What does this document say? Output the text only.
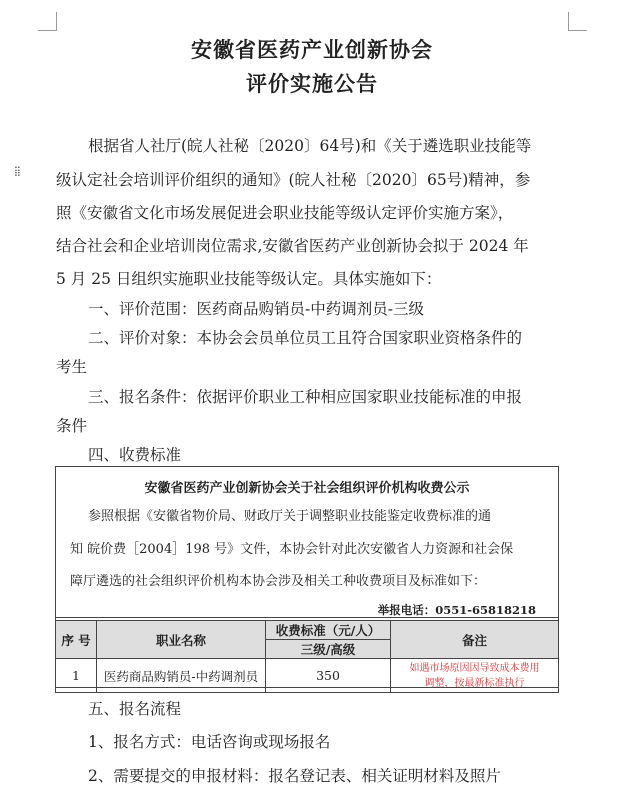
⁞⁞
安徽省医药产业创新协会
评价实施公告
根据省人社厅(皖人社秘〔2020〕64号)和《关于遴选职业技能等
级认定社会培训评价组织的通知》(皖人社秘〔2020〕65号)精神，参
照《安徽省文化市场发展促进会职业技能等级认定评价实施方案》，
结合社会和企业培训岗位需求,安徽省医药产业创新协会拟于 2024 年
5 月 25 日组织实施职业技能等级认定。具体实施如下：
一、评价范围：医药商品购销员-中药调剂员-三级
二、评价对象：本协会会员单位员工且符合国家职业资格条件的
考生
三、报名条件：依据评价职业工种相应国家职业技能标准的申报
条件
四、收费标准
安徽省医药产业创新协会关于社会组织评价机构收费公示
参照根据《安徽省物价局、财政厅关于调整职业技能鉴定收费标准的通
知 皖价费［2004］198 号》文件，本协会针对此次安徽省人力资源和社会保
障厅遴选的社会组织评价机构本协会涉及相关工种收费项目及标准如下：
举报电话：0551-65818218
序 号	职业名称	收费标准（元/人）	备注
		三级/高级	
1	医药商品购销员-中药调剂员	350	如遇市场原因因导致成本费用
调整，按最新标准执行
五、报名流程
1、报名方式：电话咨询或现场报名
2、需要提交的申报材料：报名登记表、相关证明材料及照片
